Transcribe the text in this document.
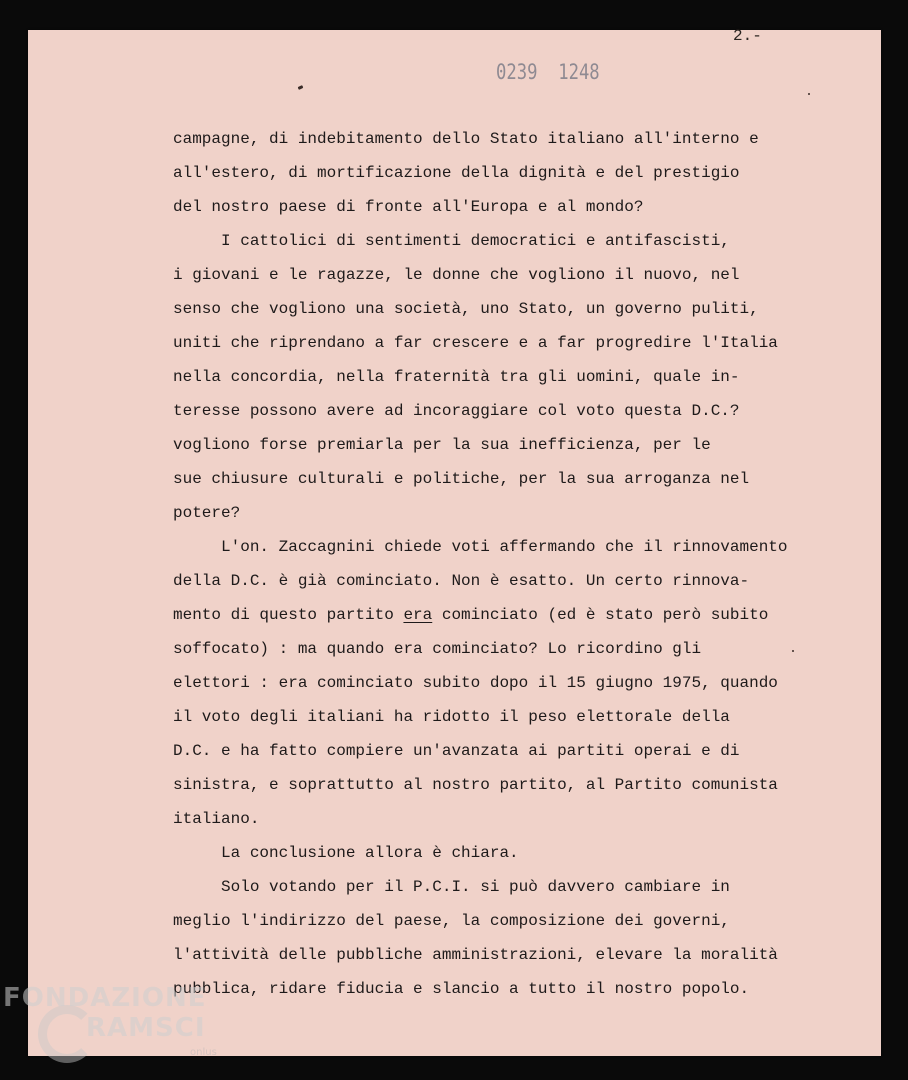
2.-
0239  1248

campagne, di indebitamento dello Stato italiano all'interno e

all'estero, di mortificazione della dignità e del prestigio

del nostro paese di fronte all'Europa e al mondo?

I cattolici di sentimenti democratici e antifascisti,

i giovani e le ragazze, le donne che vogliono il nuovo, nel

senso che vogliono una società, uno Stato, un governo puliti,

uniti che riprendano a far crescere e a far progredire l'Italia

nella concordia, nella fraternità tra gli uomini, quale in-

teresse possono avere ad incoraggiare col voto questa D.C.?

vogliono forse premiarla per la sua inefficienza, per le

sue chiusure culturali e politiche, per la sua arroganza nel

potere?

L'on. Zaccagnini chiede voti affermando che il rinnovamento

della D.C. è già cominciato. Non è esatto. Un certo rinnova-

mento di questo partito era cominciato (ed è stato però subito

soffocato) : ma quando era cominciato? Lo ricordino gli

elettori : era cominciato subito dopo il 15 giugno 1975, quando

il voto degli italiani ha ridotto il peso elettorale della

D.C. e ha fatto compiere un'avanzata ai partiti operai e di

sinistra, e soprattutto al nostro partito, al Partito comunista

italiano.

La conclusione allora è chiara.

Solo votando per il P.C.I. si può davvero cambiare in

meglio l'indirizzo del paese, la composizione dei governi,

l'attività delle pubbliche amministrazioni, elevare la moralità

pubblica, ridare fiducia e slancio a tutto il nostro popolo.

FONDAZIONE
RAMSCI
onlus
